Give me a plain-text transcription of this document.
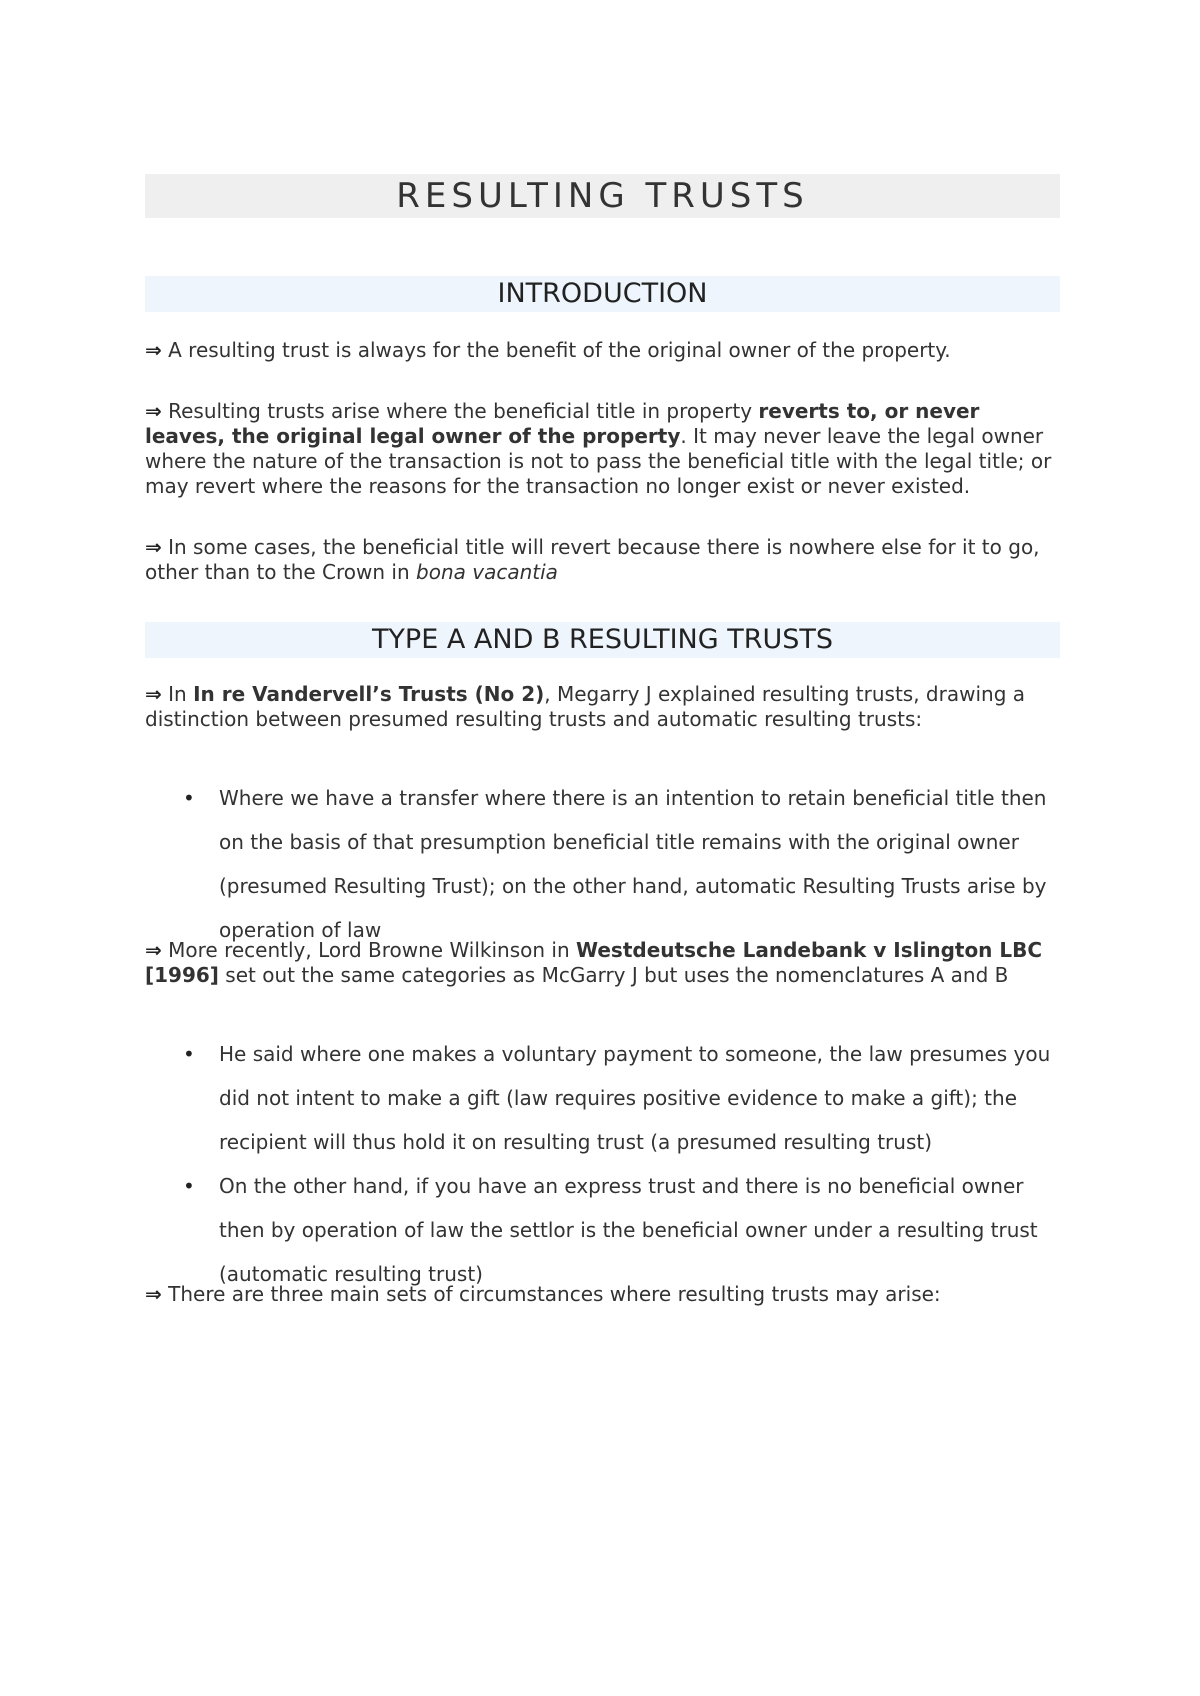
RESULTING TRUSTS
INTRODUCTION

⇒ A resulting trust is always for the benefit of the original owner of the property.

⇒ Resulting trusts arise where the beneficial title in property reverts to, or never leaves, the original legal owner of the property. It may never leave the legal owner where the nature of the transaction is not to pass the beneficial title with the legal title; or may revert where the reasons for the transaction no longer exist or never existed.

⇒ In some cases, the beneficial title will revert because there is nowhere else for it to go, other than to the Crown in bona vacantia

TYPE A AND B RESULTING TRUSTS

⇒ In In re Vandervell’s Trusts (No 2), Megarry J explained resulting trusts, drawing a distinction between presumed resulting trusts and automatic resulting trusts:

• Where we have a transfer where there is an intention to retain beneficial title then on the basis of that presumption beneficial title remains with the original owner (presumed Resulting Trust); on the other hand, automatic Resulting Trusts arise by operation of law

⇒ More recently, Lord Browne Wilkinson in Westdeutsche Landebank v Islington LBC [1996] set out the same categories as McGarry J but uses the nomenclatures A and B

• He said where one makes a voluntary payment to someone, the law presumes you did not intent to make a gift (law requires positive evidence to make a gift); the recipient will thus hold it on resulting trust (a presumed resulting trust)
• On the other hand, if you have an express trust and there is no beneficial owner then by operation of law the settlor is the beneficial owner under a resulting trust (automatic resulting trust)

⇒ There are three main sets of circumstances where resulting trusts may arise:
